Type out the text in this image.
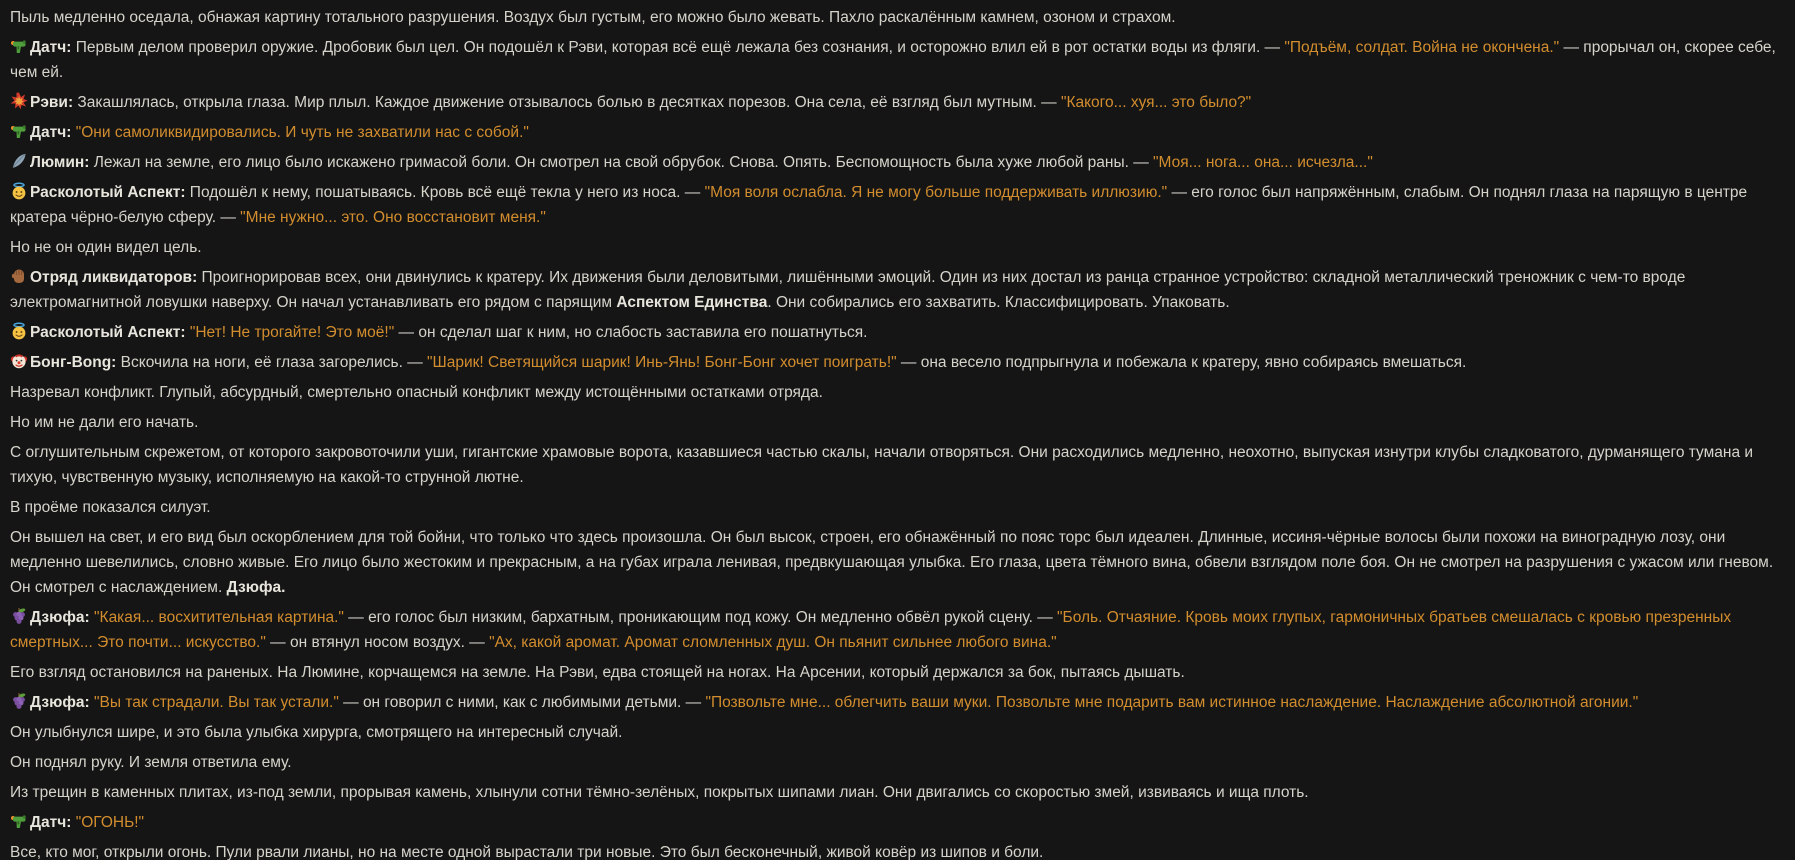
Пыль медленно оседала, обнажая картину тотального разрушения. Воздух был густым, его можно было жевать. Пахло раскалённым камнем, озоном и страхом.

Датч: Первым делом проверил оружие. Дробовик был цел. Он подошёл к Рэви, которая всё ещё лежала без сознания, и осторожно влил ей в рот остатки воды из фляги. — "Подъём, солдат. Война не окончена." — прорычал он, скорее себе, чем ей.

Рэви: Закашлялась, открыла глаза. Мир плыл. Каждое движение отзывалось болью в десятках порезов. Она села, её взгляд был мутным. — "Какого... хуя... это было?"

Датч: "Они самоликвидировались. И чуть не захватили нас с собой."

Люмин: Лежал на земле, его лицо было искажено гримасой боли. Он смотрел на свой обрубок. Снова. Опять. Беспомощность была хуже любой раны. — "Моя... нога... она... исчезла..."

Расколотый Аспект: Подошёл к нему, пошатываясь. Кровь всё ещё текла у него из носа. — "Моя воля ослабла. Я не могу больше поддерживать иллюзию." — его голос был напряжённым, слабым. Он поднял глаза на парящую в центре кратера чёрно-белую сферу. — "Мне нужно... это. Оно восстановит меня."

Но не он один видел цель.

Отряд ликвидаторов: Проигнорировав всех, они двинулись к кратеру. Их движения были деловитыми, лишёнными эмоций. Один из них достал из ранца странное устройство: складной металлический треножник с чем-то вроде электромагнитной ловушки наверху. Он начал устанавливать его рядом с парящим Аспектом Единства. Они собирались его захватить. Классифицировать. Упаковать.

Расколотый Аспект: "Нет! Не трогайте! Это моё!" — он сделал шаг к ним, но слабость заставила его пошатнуться.

Бонг-Bong: Вскочила на ноги, её глаза загорелись. — "Шарик! Светящийся шарик! Инь-Янь! Бонг-Бонг хочет поиграть!" — она весело подпрыгнула и побежала к кратеру, явно собираясь вмешаться.

Назревал конфликт. Глупый, абсурдный, смертельно опасный конфликт между истощёнными остатками отряда.

Но им не дали его начать.

С оглушительным скрежетом, от которого закровоточили уши, гигантские храмовые ворота, казавшиеся частью скалы, начали отворяться. Они расходились медленно, неохотно, выпуская изнутри клубы сладковатого, дурманящего тумана и тихую, чувственную музыку, исполняемую на какой-то струнной лютне.

В проёме показался силуэт.

Он вышел на свет, и его вид был оскорблением для той бойни, что только что здесь произошла. Он был высок, строен, его обнажённый по пояс торс был идеален. Длинные, иссиня-чёрные волосы были похожи на виноградную лозу, они медленно шевелились, словно живые. Его лицо было жестоким и прекрасным, а на губах играла ленивая, предвкушающая улыбка. Его глаза, цвета тёмного вина, обвели взглядом поле боя. Он не смотрел на разрушения с ужасом или гневом. Он смотрел с наслаждением. Дзюфа.

Дзюфа: "Какая... восхитительная картина." — его голос был низким, бархатным, проникающим под кожу. Он медленно обвёл рукой сцену. — "Боль. Отчаяние. Кровь моих глупых, гармоничных братьев смешалась с кровью презренных смертных... Это почти... искусство." — он втянул носом воздух. — "Ах, какой аромат. Аромат сломленных душ. Он пьянит сильнее любого вина."

Его взгляд остановился на раненых. На Люмине, корчащемся на земле. На Рэви, едва стоящей на ногах. На Арсении, который держался за бок, пытаясь дышать.

Дзюфа: "Вы так страдали. Вы так устали." — он говорил с ними, как с любимыми детьми. — "Позвольте мне... облегчить ваши муки. Позвольте мне подарить вам истинное наслаждение. Наслаждение абсолютной агонии."

Он улыбнулся шире, и это была улыбка хирурга, смотрящего на интересный случай.

Он поднял руку. И земля ответила ему.

Из трещин в каменных плитах, из-под земли, прорывая камень, хлынули сотни тёмно-зелёных, покрытых шипами лиан. Они двигались со скоростью змей, извиваясь и ища плоть.

Датч: "ОГОНЬ!"

Все, кто мог, открыли огонь. Пули рвали лианы, но на месте одной вырастали три новые. Это был бесконечный, живой ковёр из шипов и боли.
